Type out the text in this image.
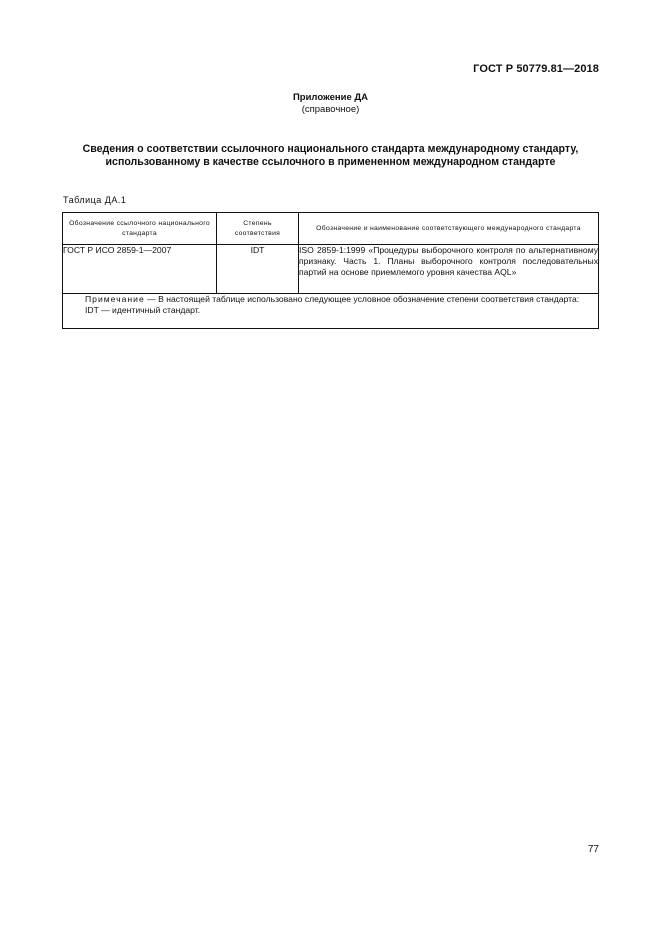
ГОСТ Р 50779.81—2018
Приложение ДА
(справочное)
Сведения о соответствии ссылочного национального стандарта международному стандарту,
использованному в качестве ссылочного в примененном международном стандарте
Таблица ДА.1
Обозначение ссылочного национального стандарта	Степень соответствия	Обозначение и наименование соответствующего международного стандарта
ГОСТ Р ИСО 2859-1—2007	IDT	ISO 2859-1:1999 «Процедуры выборочного контроля по альтернативному признаку. Часть 1. Планы выборочного контроля последовательных партий на основе приемлемого уровня качества AQL»

Примечание — В настоящей таблице использовано следующее условное обозначение степени соответствия стандарта:
IDT — идентичный стандарт.		
77
